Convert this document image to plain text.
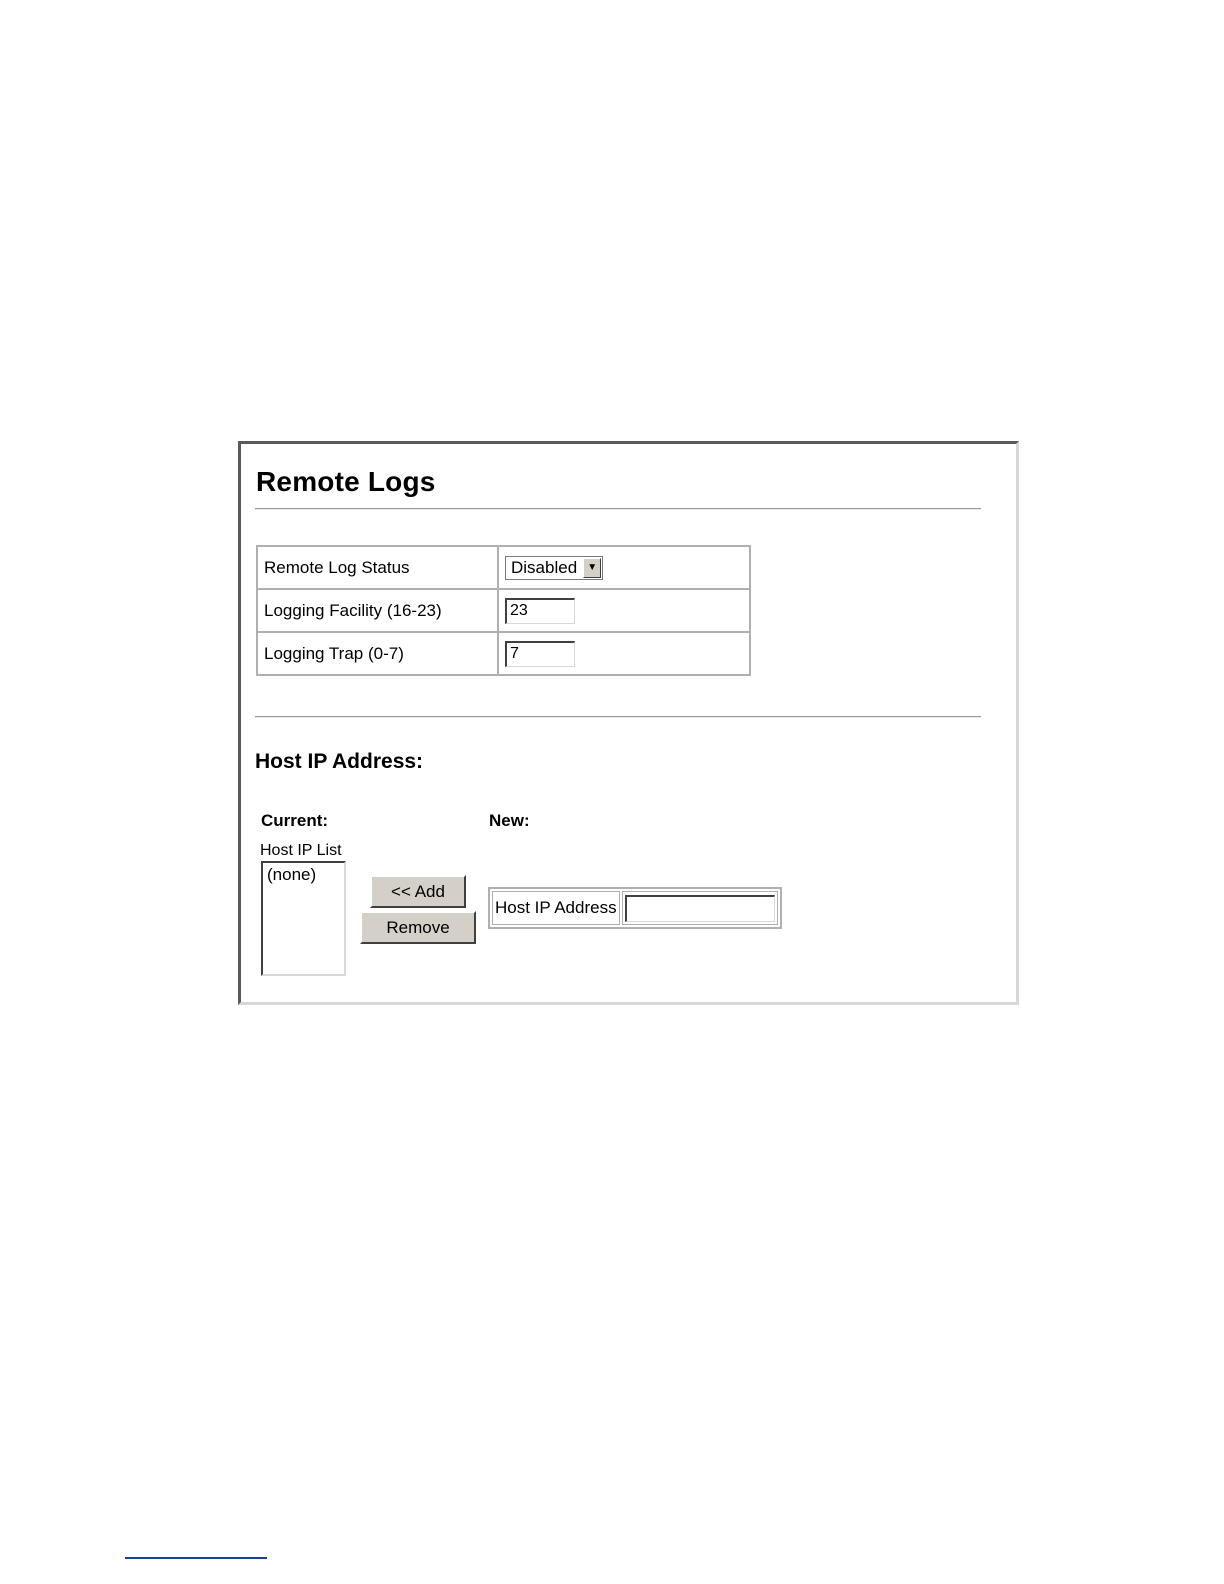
Remote Logs
Remote Log Status	Disabled ▼

Logging Facility (16-23)	23
Logging Trap (0-7)	7
Host IP Address:
Current:	New:
Host IP List
(none)
<< Add
Remove
Host IP Address	
